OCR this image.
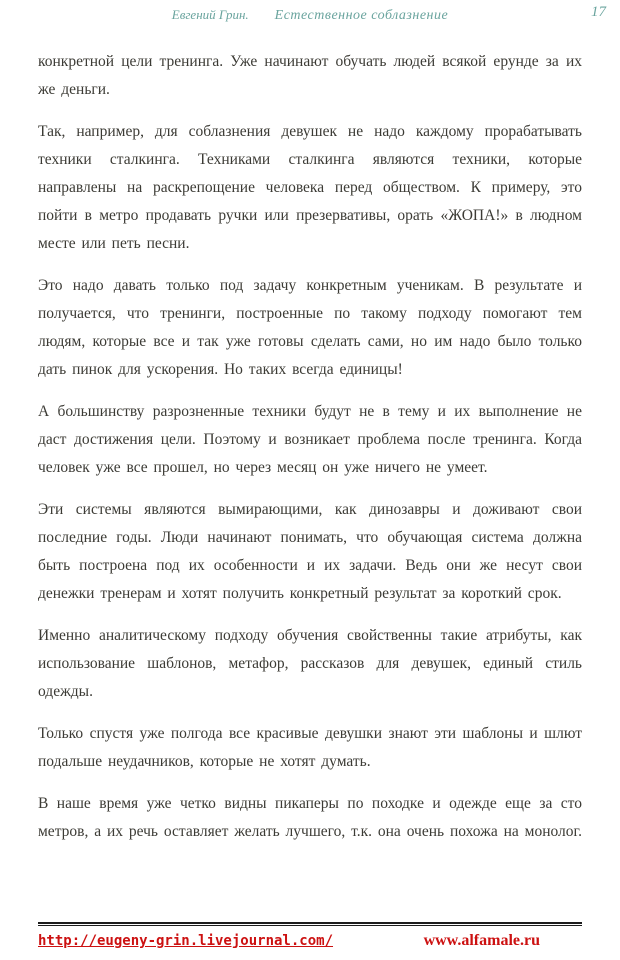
Евгений Грин. Естественное соблазнение	17

конкретной цели тренинга. Уже начинают обучать людей всякой ерунде за их же деньги.

Так, например, для соблазнения девушек не надо каждому прорабатывать техники сталкинга. Техниками сталкинга являются техники, которые направлены на раскрепощение человека перед обществом. К примеру, это пойти в метро продавать ручки или презервативы, орать «ЖОПА!» в людном месте или петь песни.

Это надо давать только под задачу конкретным ученикам. В результате и получается, что тренинги, построенные по такому подходу помогают тем людям, которые все и так уже готовы сделать сами, но им надо было только дать пинок для ускорения. Но таких всегда единицы!

А большинству разрозненные техники будут не в тему и их выполнение не даст достижения цели. Поэтому и возникает проблема после тренинга. Когда человек уже все прошел, но через месяц он уже ничего не умеет.

Эти системы являются вымирающими, как динозавры и доживают свои последние годы. Люди начинают понимать, что обучающая система должна быть построена под их особенности и их задачи. Ведь они же несут свои денежки тренерам и хотят получить конкретный результат за короткий срок.

Именно аналитическому подходу обучения свойственны такие атрибуты, как использование шаблонов, метафор, рассказов для девушек, единый стиль одежды.

Только спустя уже полгода все красивые девушки знают эти шаблоны и шлют подальше неудачников, которые не хотят думать.

В наше время уже четко видны пикаперы по походке и одежде еще за сто метров, а их речь оставляет желать лучшего, т.к. она очень похожа на монолог.

http://eugeny-grin.livejournal.com/	www.alfamale.ru
